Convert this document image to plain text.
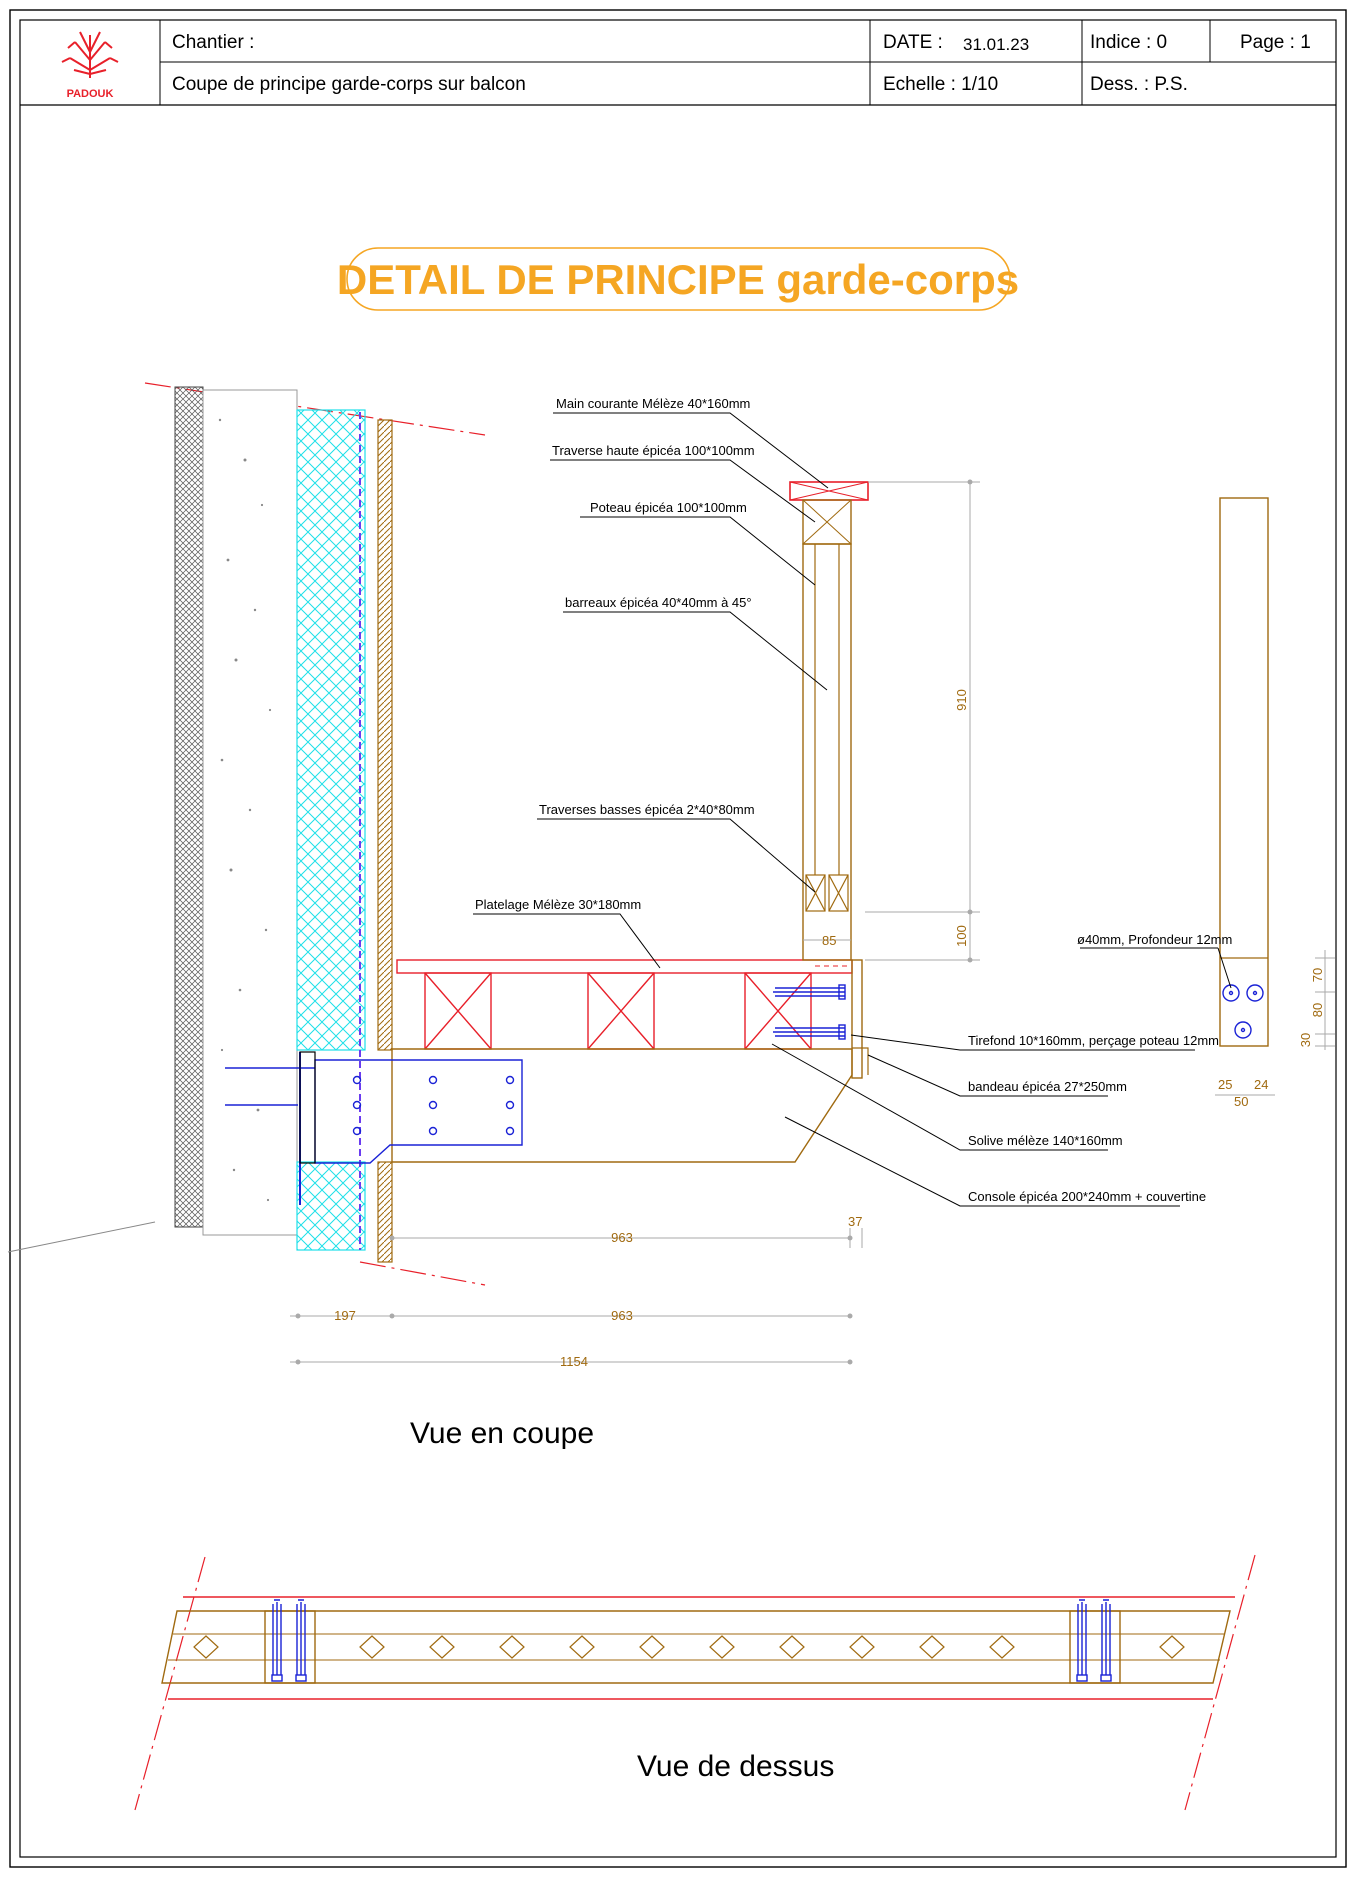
PADOUK
Chantier :
Coupe de principe garde-corps sur balcon
DATE : 31.01.23	Indice : 0	Page : 1
Echelle : 1/10	Dess. : P.S.
DETAIL DE PRINCIPE garde-corps
ø40mm, Profondeur 12mm
70
80
30
25 24
50
Main courante Mélèze 40*160mm
Traverse haute épicéa 100*100mm
Poteau épicéa 100*100mm
barreaux épicéa 40*40mm à 45°
Traverses basses épicéa 2*40*80mm
Platelage Mélèze 30*180mm
Tirefond 10*160mm, perçage poteau 12mm
bandeau épicéa 27*250mm
Solive mélèze 140*160mm
Console épicéa 200*240mm + couvertine
910
100
85
963
37
197	963
1154
Vue en coupe
Vue de dessus
